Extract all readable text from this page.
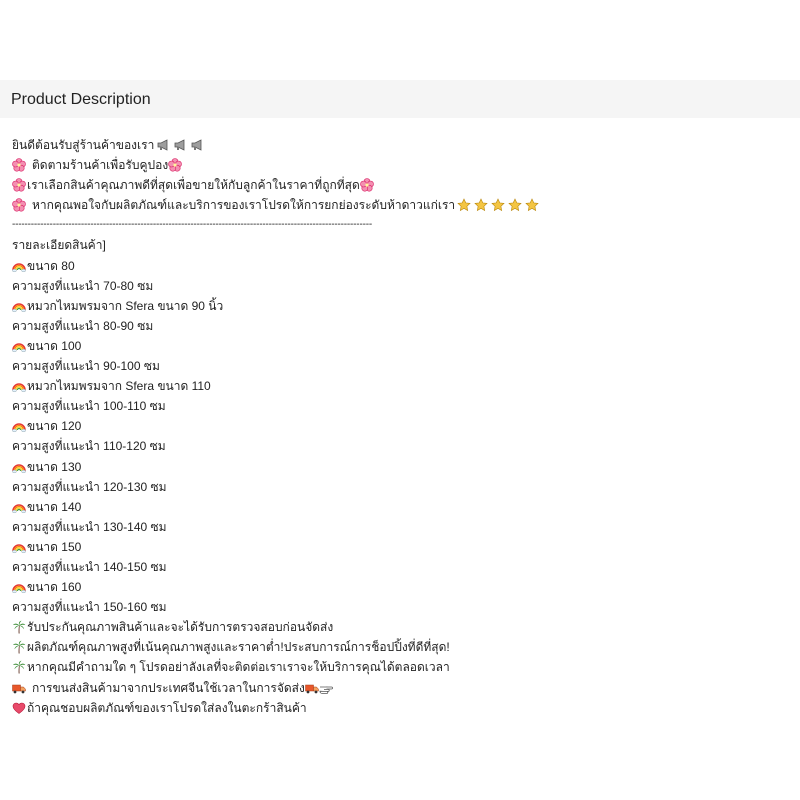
Product Description
ยินดีต้อนรับสู่ร้านค้าของเรา
ติดตามร้านค้าเพื่อรับคูปอง
เราเลือกสินค้าคุณภาพดีที่สุดเพื่อขายให้กับลูกค้าในราคาที่ถูกที่สุด
หากคุณพอใจกับผลิตภัณฑ์และบริการของเราโปรดให้การยกย่องระดับห้าดาวแก่เรา
-------------------------------------------------------------------------------------------------------------------
รายละเอียดสินค้า]
ขนาด 80
ความสูงที่แนะนำ 70-80 ซม
หมวกไหมพรมจาก Sfera ขนาด 90 นิ้ว
ความสูงที่แนะนำ 80-90 ซม
ขนาด 100
ความสูงที่แนะนำ 90-100 ซม
หมวกไหมพรมจาก Sfera ขนาด 110
ความสูงที่แนะนำ 100-110 ซม
ขนาด 120
ความสูงที่แนะนำ 110-120 ซม
ขนาด 130
ความสูงที่แนะนำ 120-130 ซม
ขนาด 140
ความสูงที่แนะนำ 130-140 ซม
ขนาด 150
ความสูงที่แนะนำ 140-150 ซม
ขนาด 160
ความสูงที่แนะนำ 150-160 ซม
รับประกันคุณภาพสินค้าและจะได้รับการตรวจสอบก่อนจัดส่ง
ผลิตภัณฑ์คุณภาพสูงที่เน้นคุณภาพสูงและราคาต่ำ!ประสบการณ์การช็อปปิ้งที่ดีที่สุด!
หากคุณมีคำถามใด ๆ โปรดอย่าลังเลที่จะติดต่อเราเราจะให้บริการคุณได้ตลอดเวลา
การขนส่งสินค้ามาจากประเทศจีนใช้เวลาในการจัดส่ง
ถ้าคุณชอบผลิตภัณฑ์ของเราโปรดใส่ลงในตะกร้าสินค้า
